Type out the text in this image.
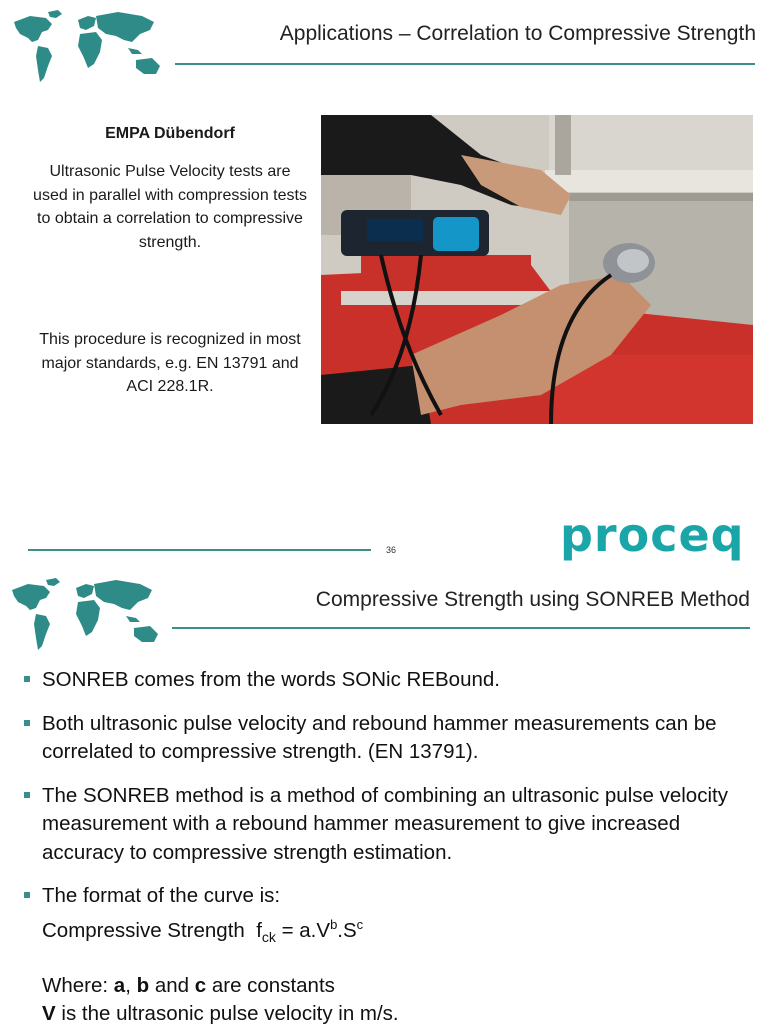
Applications – Correlation to Compressive Strength
EMPA Dübendorf
Ultrasonic Pulse Velocity tests are used in parallel with compression tests to obtain a correlation to compressive strength.
This procedure is recognized in most major standards, e.g. EN 13791 and ACI 228.1R.
36	proceq
Compressive Strength using SONREB Method
SONREB comes from the words SONic REBound.
Both ultrasonic pulse velocity and rebound hammer measurements can be correlated to compressive strength. (EN 13791).
The SONREB method is a method of combining an ultrasonic pulse velocity measurement with a rebound hammer measurement to give increased accuracy to compressive strength estimation.
The format of the curve is:
Compressive Strength $f_{ck} = a.V^b.S^c$
Where: a, b and c are constants
V is the ultrasonic pulse velocity in m/s.
